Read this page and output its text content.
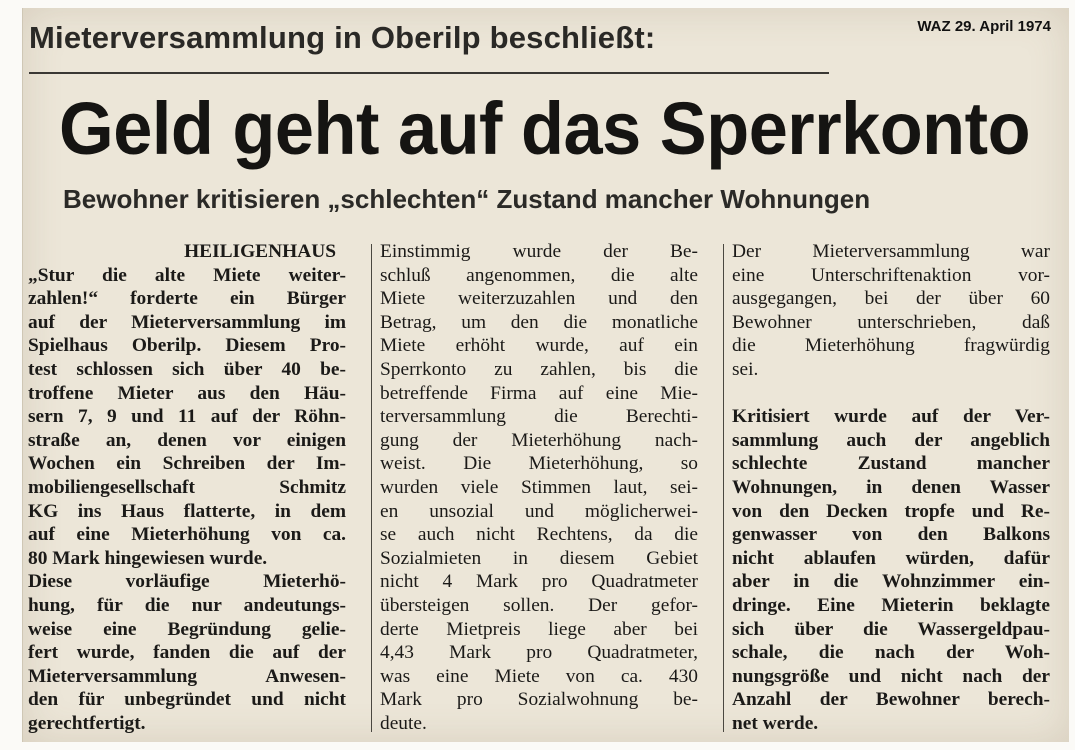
WAZ 29. April 1974
Mieterversammlung in Oberilp beschließt:
Geld geht auf das Sperrkonto
Bewohner kritisieren „schlechten“ Zustand mancher Wohnungen
HEILIGENHAUS
„Stur die alte Miete weiter-
zahlen!“ forderte ein Bürger
auf der Mieterversammlung im
Spielhaus Oberilp. Diesem Pro-
test schlossen sich über 40 be-
troffene Mieter aus den Häu-
sern 7, 9 und 11 auf der Röhn-
straße an, denen vor einigen
Wochen ein Schreiben der Im-
mobiliengesellschaft Schmitz
KG ins Haus flatterte, in dem
auf eine Mieterhöhung von ca.
80 Mark hingewiesen wurde.
Diese vorläufige Mieterhö-
hung, für die nur andeutungs-
weise eine Begründung gelie-
fert wurde, fanden die auf der
Mieterversammlung Anwesen-
den für unbegründet und nicht
gerechtfertigt.
Einstimmig wurde der Be-
schluß angenommen, die alte
Miete weiterzuzahlen und den
Betrag, um den die monatliche
Miete erhöht wurde, auf ein
Sperrkonto zu zahlen, bis die
betreffende Firma auf eine Mie-
terversammlung die Berechti-
gung der Mieterhöhung nach-
weist. Die Mieterhöhung, so
wurden viele Stimmen laut, sei-
en unsozial und möglicherwei-
se auch nicht Rechtens, da die
Sozialmieten in diesem Gebiet
nicht 4 Mark pro Quadratmeter
übersteigen sollen. Der gefor-
derte Mietpreis liege aber bei
4,43 Mark pro Quadratmeter,
was eine Miete von ca. 430
Mark pro Sozialwohnung be-
deute.
Der Mieterversammlung war
eine Unterschriftenaktion vor-
ausgegangen, bei der über 60
Bewohner unterschrieben, daß
die Mieterhöhung fragwürdig
sei.
Kritisiert wurde auf der Ver-
sammlung auch der angeblich
schlechte Zustand mancher
Wohnungen, in denen Wasser
von den Decken tropfe und Re-
genwasser von den Balkons
nicht ablaufen würden, dafür
aber in die Wohnzimmer ein-
dringe. Eine Mieterin beklagte
sich über die Wassergeldpau-
schale, die nach der Woh-
nungsgröße und nicht nach der
Anzahl der Bewohner berech-
net werde.
